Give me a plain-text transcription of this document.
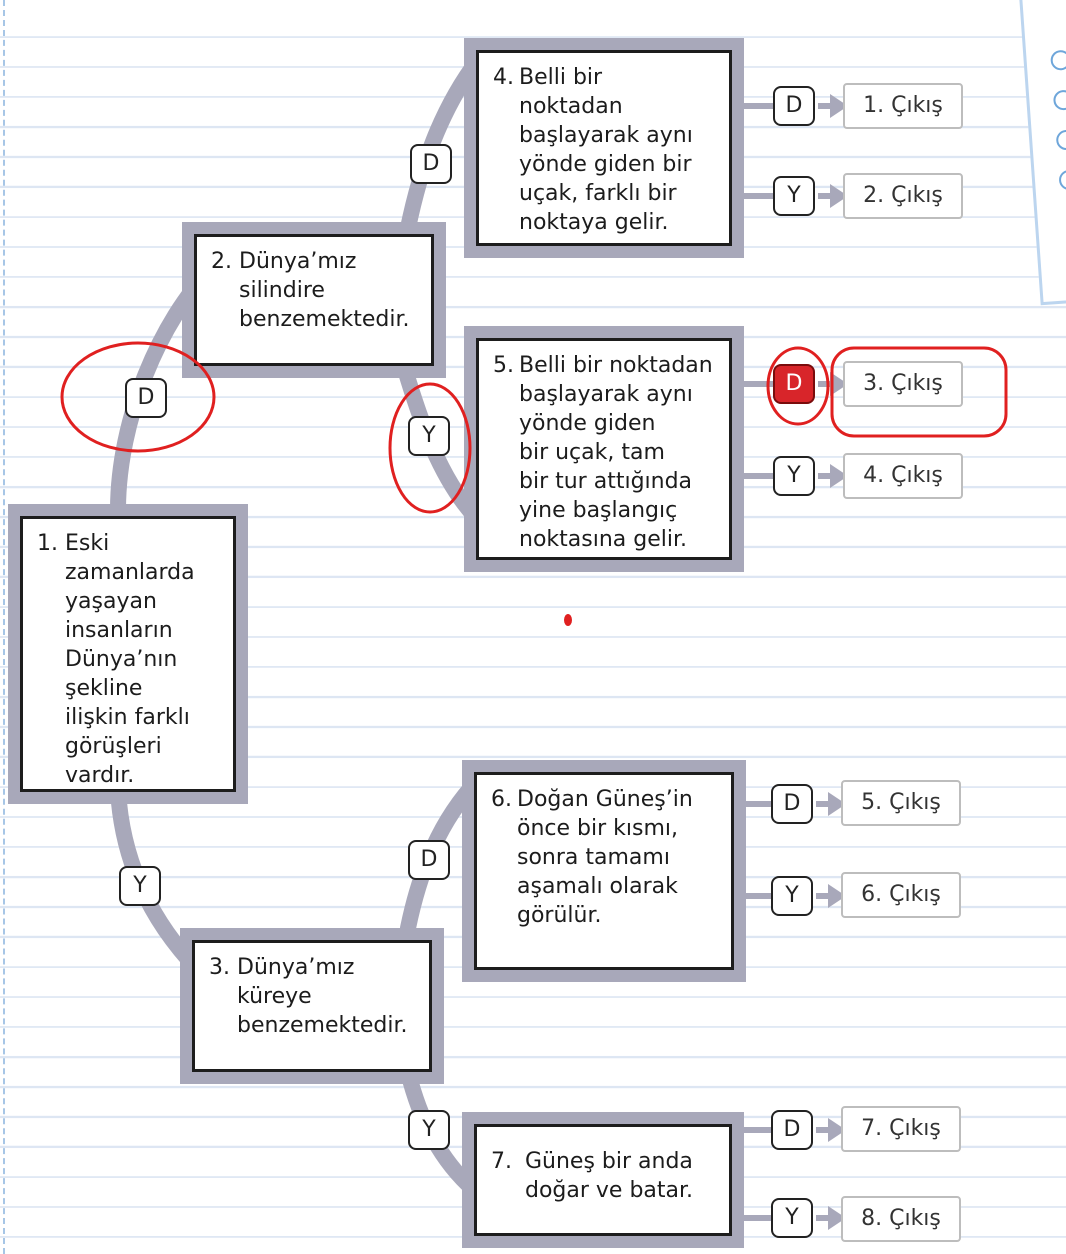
1. Eski
zamanlarda
yaşayan
insanların
Dünya’nın
şekline
ilişkin farklı
görüşleri
vardır.
2. Dünya’mız
silindire
benzemektedir.
3. Dünya’mız
küreye
benzemektedir.
4. Belli bir
noktadan
başlayarak aynı
yönde giden bir
uçak, farklı bir
noktaya gelir.
5. Belli bir noktadan
başlayarak aynı
yönde giden
bir uçak, tam
bir tur attığında
yine başlangıç
noktasına gelir.
6. Doğan Güneş’in
önce bir kısmı,
sonra tamamı
aşamalı olarak
görülür.
7. Güneş bir anda
doğar ve batar.
D
Y
D
Y
D
Y
D
Y
D
Y
D
Y
D
Y
1. Çıkış
2. Çıkış
3. Çıkış
4. Çıkış
5. Çıkış
6. Çıkış
7. Çıkış
8. Çıkış
